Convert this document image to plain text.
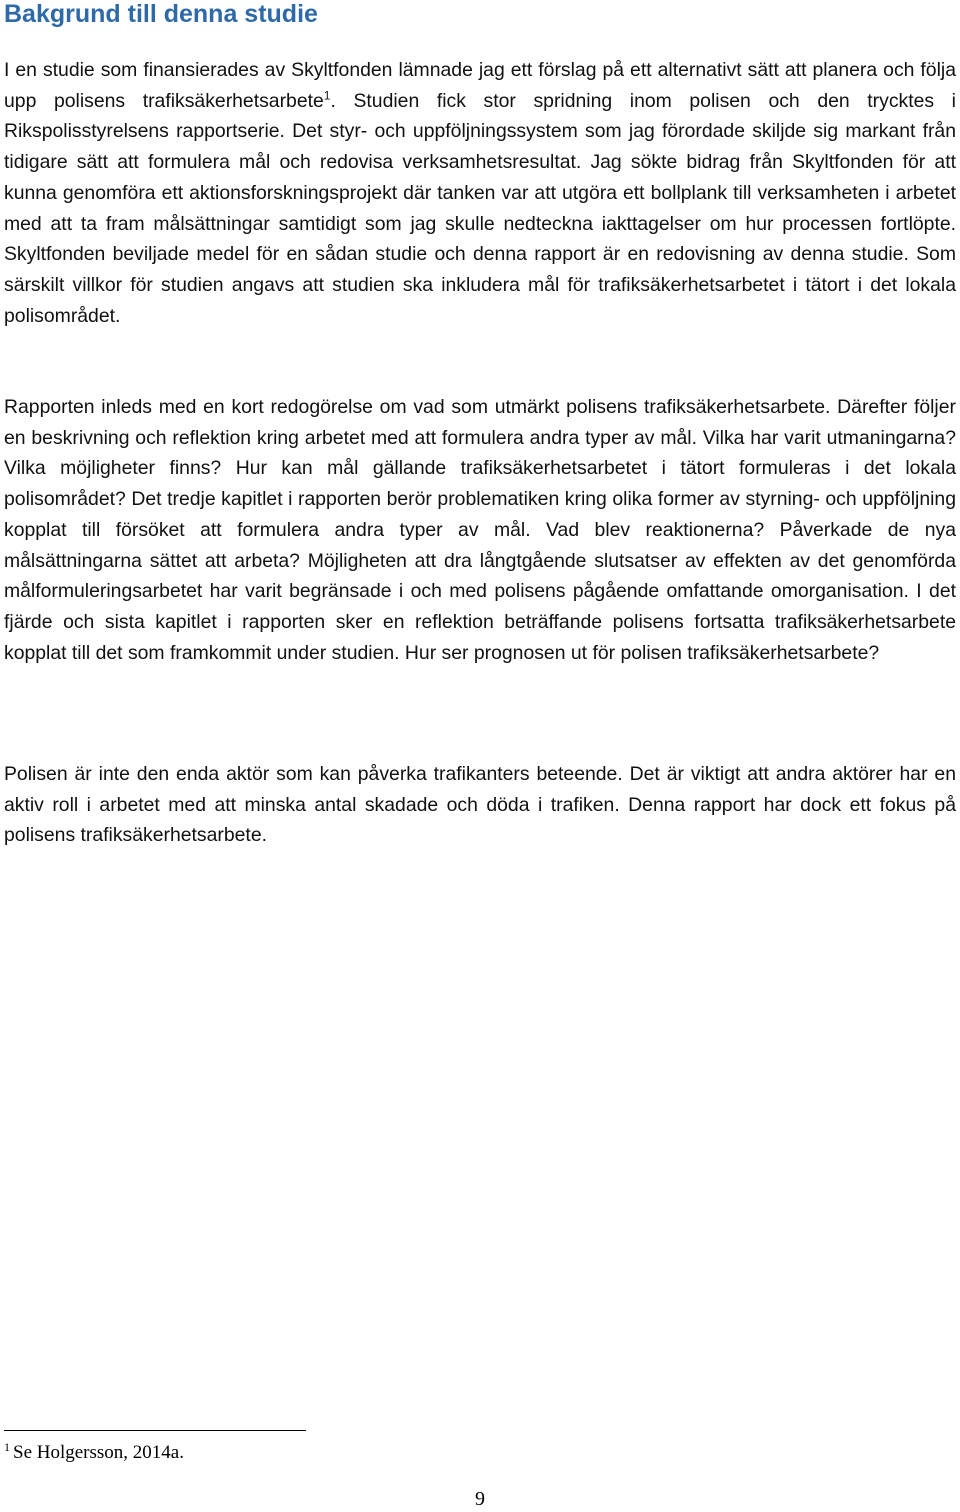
Bakgrund till denna studie

I en studie som finansierades av Skyltfonden lämnade jag ett förslag på ett alternativt sätt att planera och följa upp polisens trafiksäkerhetsarbete$^1$. Studien fick stor spridning inom polisen och den trycktes i Rikspolisstyrelsens rapportserie. Det styr- och uppföljningssystem som jag förordade skiljde sig markant från tidigare sätt att formulera mål och redovisa verksamhetsresultat. Jag sökte bidrag från Skyltfonden för att kunna genomföra ett aktionsforskningsprojekt där tanken var att utgöra ett bollplank till verksamheten i arbetet med att ta fram målsättningar samtidigt som jag skulle nedteckna iakttagelser om hur processen fortlöpte. Skyltfonden beviljade medel för en sådan studie och denna rapport är en redovisning av denna studie. Som särskilt villkor för studien angavs att studien ska inkludera mål för trafiksäkerhetsarbetet i tätort i det lokala polisområdet.

Rapporten inleds med en kort redogörelse om vad som utmärkt polisens trafiksäkerhetsarbete. Därefter följer en beskrivning och reflektion kring arbetet med att formulera andra typer av mål. Vilka har varit utmaningarna? Vilka möjligheter finns? Hur kan mål gällande trafiksäkerhetsarbetet i tätort formuleras i det lokala polisområdet? Det tredje kapitlet i rapporten berör problematiken kring olika former av styrning- och uppföljning kopplat till försöket att formulera andra typer av mål. Vad blev reaktionerna? Påverkade de nya målsättningarna sättet att arbeta? Möjligheten att dra långtgående slutsatser av effekten av det genomförda målformuleringsarbetet har varit begränsade i och med polisens pågående omfattande omorganisation. I det fjärde och sista kapitlet i rapporten sker en reflektion beträffande polisens fortsatta trafiksäkerhetsarbete kopplat till det som framkommit under studien. Hur ser prognosen ut för polisen trafiksäkerhetsarbete?

Polisen är inte den enda aktör som kan påverka trafikanters beteende. Det är viktigt att andra aktörer har en aktiv roll i arbetet med att minska antal skadade och döda i trafiken. Denna rapport har dock ett fokus på polisens trafiksäkerhetsarbete.

$^1$ Se Holgersson, 2014a.

9
